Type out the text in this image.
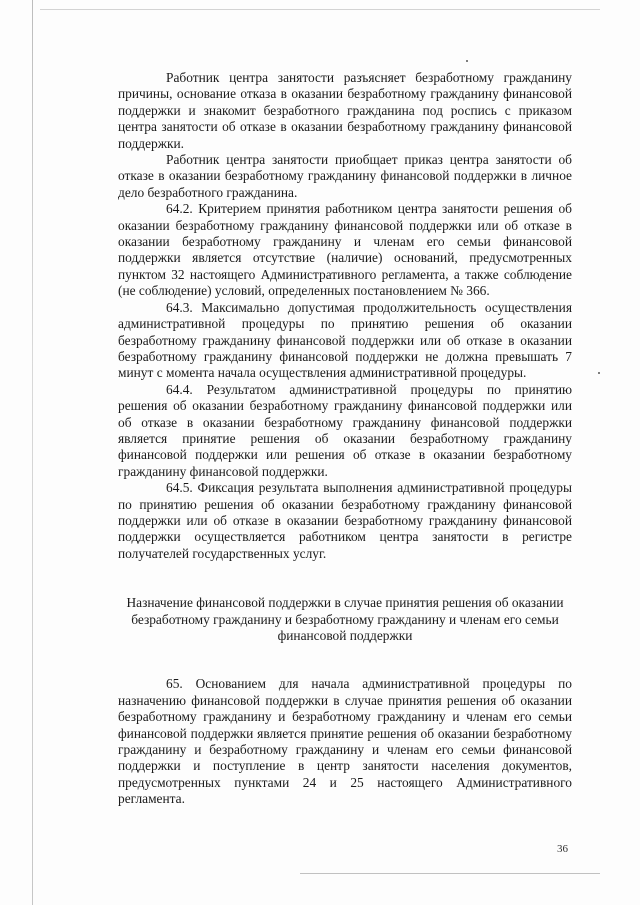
Работник центра занятости разъясняет безработному гражданину причины, основание отказа в оказании безработному гражданину финансовой поддержки и знакомит безработного гражданина под роспись с приказом центра занятости об отказе в оказании безработному гражданину финансовой поддержки.

Работник центра занятости приобщает приказ центра занятости об отказе в оказании безработному гражданину финансовой поддержки в личное дело безработного гражданина.

64.2. Критерием принятия работником центра занятости решения об оказании безработному гражданину финансовой поддержки или об отказе в оказании безработному гражданину и членам его семьи финансовой поддержки является отсутствие (наличие) оснований, предусмотренных пунктом 32 настоящего Административного регламента, а также соблюдение (не соблюдение) условий, определенных постановлением № 366.

64.3. Максимально допустимая продолжительность осуществления административной процедуры по принятию решения об оказании безработному гражданину финансовой поддержки или об отказе в оказании безработному гражданину финансовой поддержки не должна превышать 7 минут с момента начала осуществления административной процедуры.

64.4. Результатом административной процедуры по принятию решения об оказании безработному гражданину финансовой поддержки или об отказе в оказании безработному гражданину финансовой поддержки является принятие решения об оказании безработному гражданину финансовой поддержки или решения об отказе в оказании безработному гражданину финансовой поддержки.

64.5. Фиксация результата выполнения административной процедуры по принятию решения об оказании безработному гражданину финансовой поддержки или об отказе в оказании безработному гражданину финансовой поддержки осуществляется работником центра занятости в регистре получателей государственных услуг.

Назначение финансовой поддержки в случае принятия решения об оказании безработному гражданину и безработному гражданину и членам его семьи финансовой поддержки

65. Основанием для начала административной процедуры по назначению финансовой поддержки в случае принятия решения об оказании безработному гражданину и безработному гражданину и членам его семьи финансовой поддержки является принятие решения об оказании безработному гражданину и безработному гражданину и членам его семьи финансовой поддержки и поступление в центр занятости населения документов, предусмотренных пунктами 24 и 25 настоящего Административного регламента.

36
